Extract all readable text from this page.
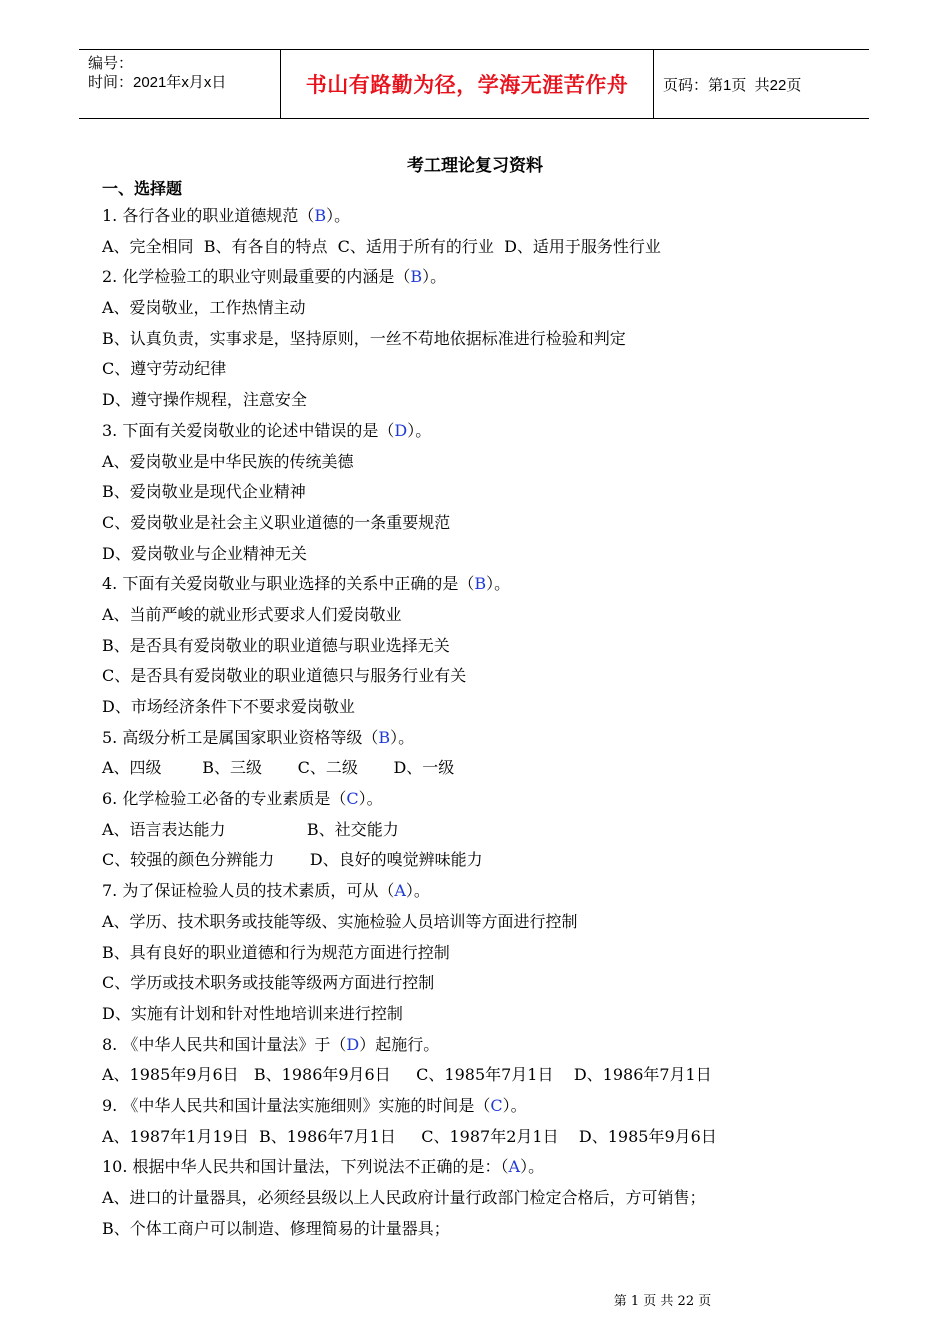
编号：
时间：2021年x月x日	书山有路勤为径，学海无涯苦作舟	页码：第1页  共22页
考工理论复习资料
一、选择题
1. 各行各业的职业道德规范（B）。
A、完全相同  B、有各自的特点  C、适用于所有的行业  D、适用于服务性行业
2. 化学检验工的职业守则最重要的内涵是（B）。
A、爱岗敬业，工作热情主动
B、认真负责，实事求是，坚持原则，一丝不苟地依据标准进行检验和判定
C、遵守劳动纪律
D、遵守操作规程，注意安全
3. 下面有关爱岗敬业的论述中错误的是（D）。
A、爱岗敬业是中华民族的传统美德
B、爱岗敬业是现代企业精神
C、爱岗敬业是社会主义职业道德的一条重要规范
D、爱岗敬业与企业精神无关
4. 下面有关爱岗敬业与职业选择的关系中正确的是（B）。
A、当前严峻的就业形式要求人们爱岗敬业
B、是否具有爱岗敬业的职业道德与职业选择无关
C、是否具有爱岗敬业的职业道德只与服务行业有关
D、市场经济条件下不要求爱岗敬业
5. 高级分析工是属国家职业资格等级（B）。
A、四级        B、三级       C、二级       D、一级
6. 化学检验工必备的专业素质是（C）。
A、语言表达能力                B、社交能力
C、较强的颜色分辨能力       D、良好的嗅觉辨味能力
7. 为了保证检验人员的技术素质，可从（A）。
A、学历、技术职务或技能等级、实施检验人员培训等方面进行控制
B、具有良好的职业道德和行为规范方面进行控制
C、学历或技术职务或技能等级两方面进行控制
D、实施有计划和针对性地培训来进行控制
8. 《中华人民共和国计量法》于（D）起施行。
A、1985年9月6日   B、1986年9月6日     C、1985年7月1日    D、1986年7月1日
9. 《中华人民共和国计量法实施细则》实施的时间是（C）。
A、1987年1月19日  B、1986年7月1日     C、1987年2月1日    D、1985年9月6日
10. 根据中华人民共和国计量法，下列说法不正确的是：（A）。
A、进口的计量器具，必须经县级以上人民政府计量行政部门检定合格后，方可销售；
B、个体工商户可以制造、修理简易的计量器具；
第 1 页 共 22 页
